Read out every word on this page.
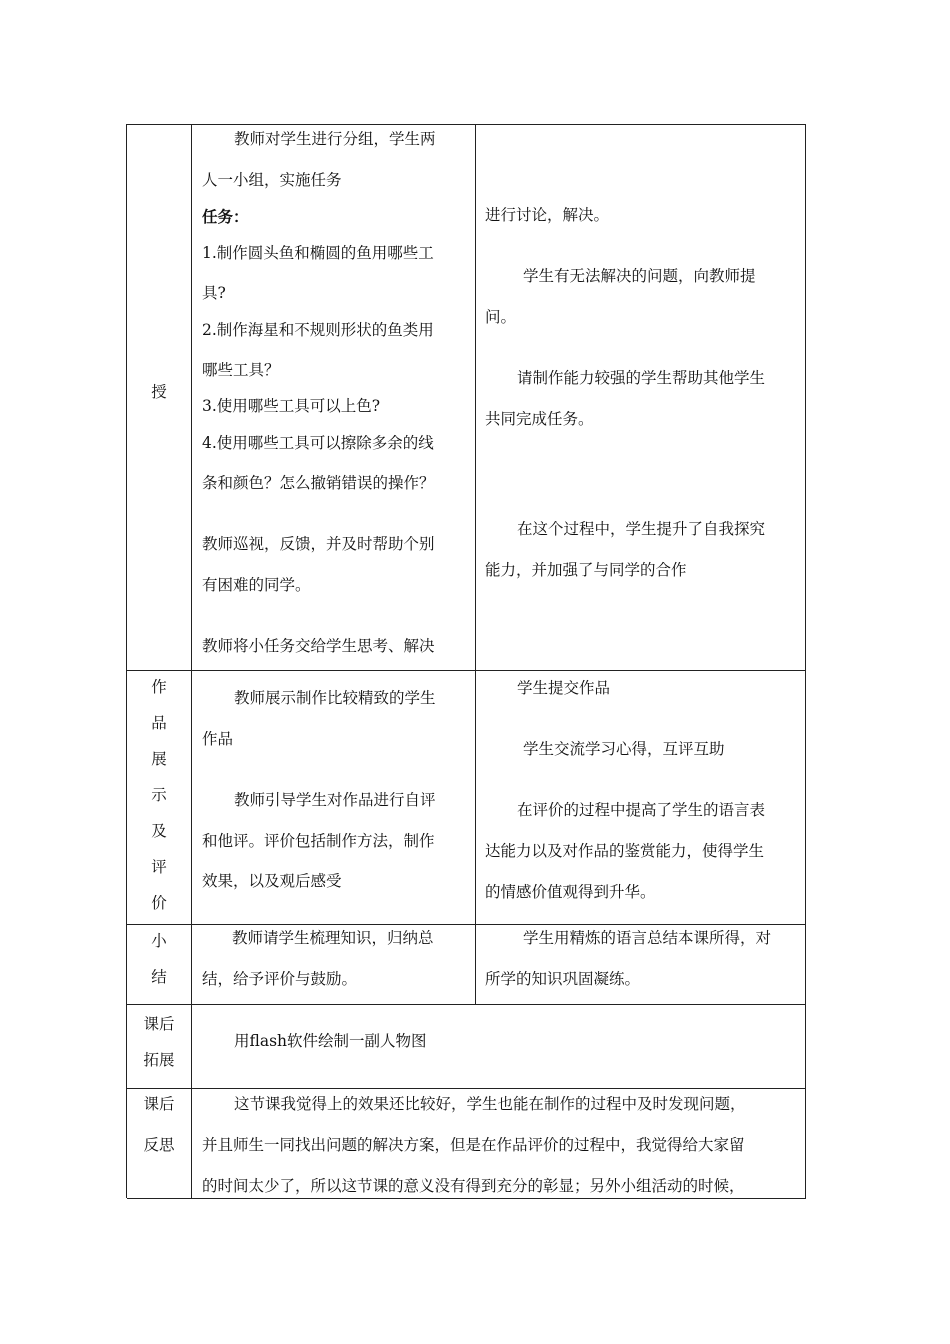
授
教师对学生进行分组，学生两
人一小组，实施任务
任务：
1.制作圆头鱼和椭圆的鱼用哪些工
具?
2.制作海星和不规则形状的鱼类用
哪些工具？
3.使用哪些工具可以上色?
4.使用哪些工具可以擦除多余的线
条和颜色？怎么撤销错误的操作？
教师巡视，反馈，并及时帮助个别
有困难的同学。
教师将小任务交给学生思考、解决
进行讨论，解决。
学生有无法解决的问题，向教师提
问。
请制作能力较强的学生帮助其他学生
共同完成任务。
在这个过程中，学生提升了自我探究
能力，并加强了与同学的合作
作
品
展
示
及
评
价
教师展示制作比较精致的学生
作品
教师引导学生对作品进行自评
和他评。评价包括制作方法，制作
效果，以及观后感受
学生提交作品
学生交流学习心得，互评互助
在评价的过程中提高了学生的语言表
达能力以及对作品的鉴赏能力，使得学生
的情感价值观得到升华。
小
结
教师请学生梳理知识，归纳总
结，给予评价与鼓励。
学生用精炼的语言总结本课所得，对
所学的知识巩固凝练。
课后
拓展
用flash软件绘制一副人物图
课后
反思
这节课我觉得上的效果还比较好，学生也能在制作的过程中及时发现问题，
并且师生一同找出问题的解决方案，但是在作品评价的过程中，我觉得给大家留
的时间太少了，所以这节课的意义没有得到充分的彰显；另外小组活动的时候，
